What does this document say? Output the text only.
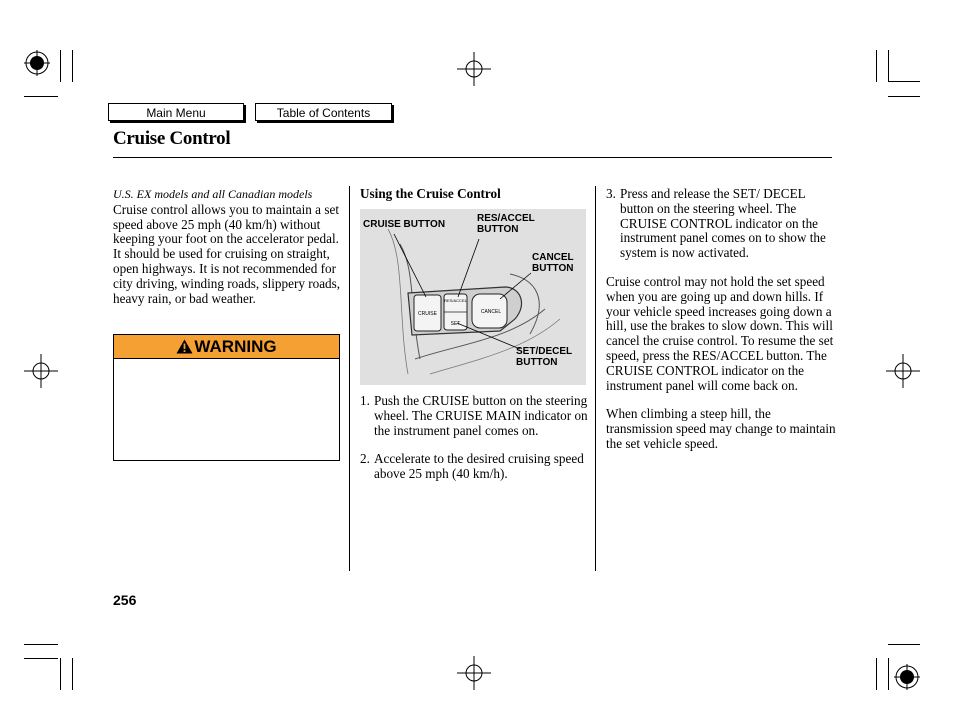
Main Menu	Table of Contents
Cruise Control
U.S. EX models and all Canadian models
Cruise control allows you to maintain a set speed above 25 mph (40 km/h) without keeping your foot on the accelerator pedal. It should be used for cruising on straight, open highways. It is not recommended for city driving, winding roads, slippery roads, heavy rain, or bad weather.
WARNING
Using the Cruise Control
CRUISE
RES/ACCEL
SET
CANCEL
CRUISE BUTTON
RES/ACCEL BUTTON
CANCEL BUTTON
SET/DECEL BUTTON
1. Push the CRUISE button on the steering wheel. The CRUISE MAIN indicator on the instrument panel comes on.
2. Accelerate to the desired cruising speed above 25 mph (40 km/h).
3. Press and release the SET/ DECEL button on the steering wheel. The CRUISE CONTROL indicator on the instrument panel comes on to show the system is now activated.
Cruise control may not hold the set speed when you are going up and down hills. If your vehicle speed increases going down a hill, use the brakes to slow down. This will cancel the cruise control. To resume the set speed, press the RES/ACCEL button. The CRUISE CONTROL indicator on the instrument panel will come back on.
When climbing a steep hill, the transmission speed may change to maintain the set vehicle speed.
256
